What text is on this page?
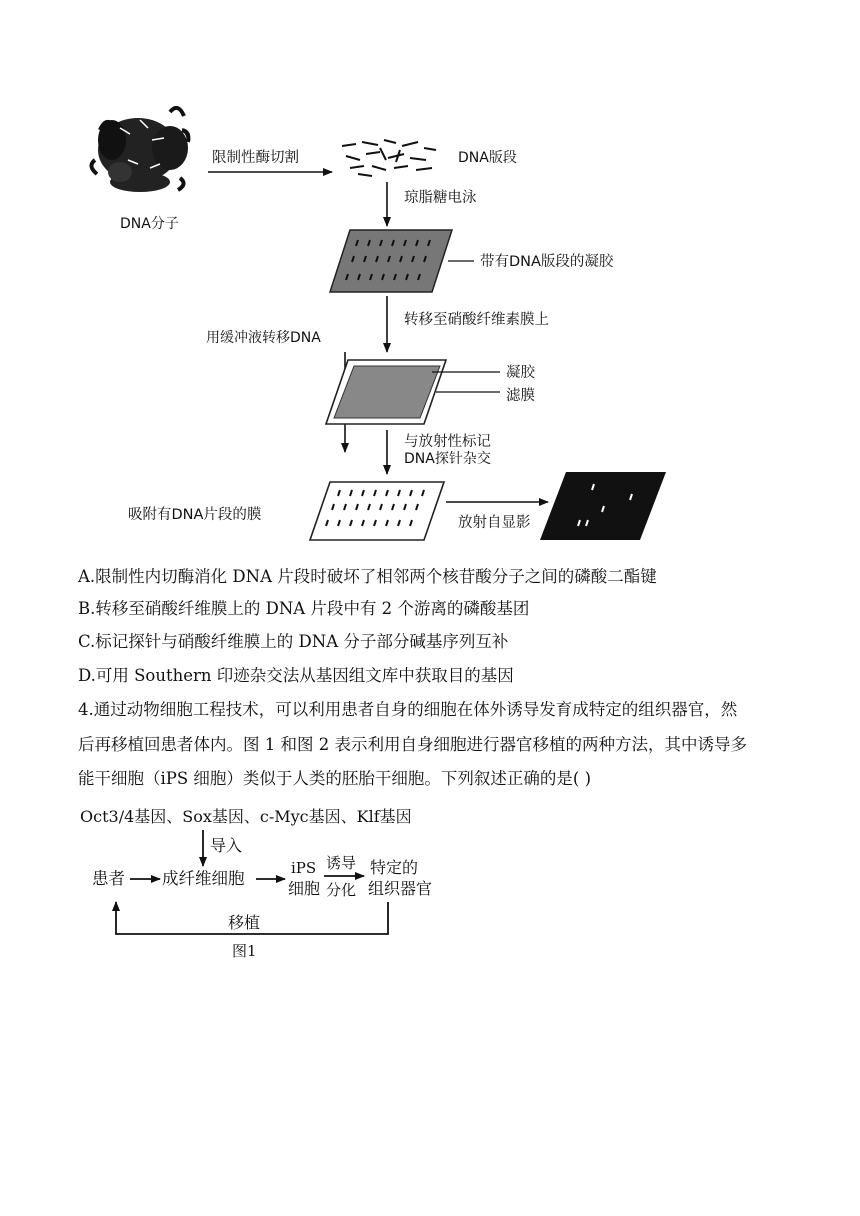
DNA分子
限制性酶切割	DNA版段
琼脂糖电泳
带有DNA版段的凝胶
转移至硝酸纤维素膜上
用缓冲液转移DNA
凝胶
滤膜
与放射性标记
DNA探针杂交
吸附有DNA片段的膜	放射自显影
A.限制性内切酶消化 DNA 片段时破坏了相邻两个核苷酸分子之间的磷酸二酯键
B.转移至硝酸纤维膜上的 DNA 片段中有 2 个游离的磷酸基团
C.标记探针与硝酸纤维膜上的 DNA 分子部分碱基序列互补
D.可用 Southern 印迹杂交法从基因组文库中获取目的基因
4.通过动物细胞工程技术，可以利用患者自身的细胞在体外诱导发育成特定的组织器官，然
后再移植回患者体内。图 1 和图 2 表示利用自身细胞进行器官移植的两种方法，其中诱导多
能干细胞（iPS 细胞）类似于人类的胚胎干细胞。下列叙述正确的是( )
Oct3/4基因、Sox基因、c-Myc基因、Klf基因
导入
患者 成纤维细胞
iPS
细胞
诱导
分化
特定的
组织器官
移植
图1
